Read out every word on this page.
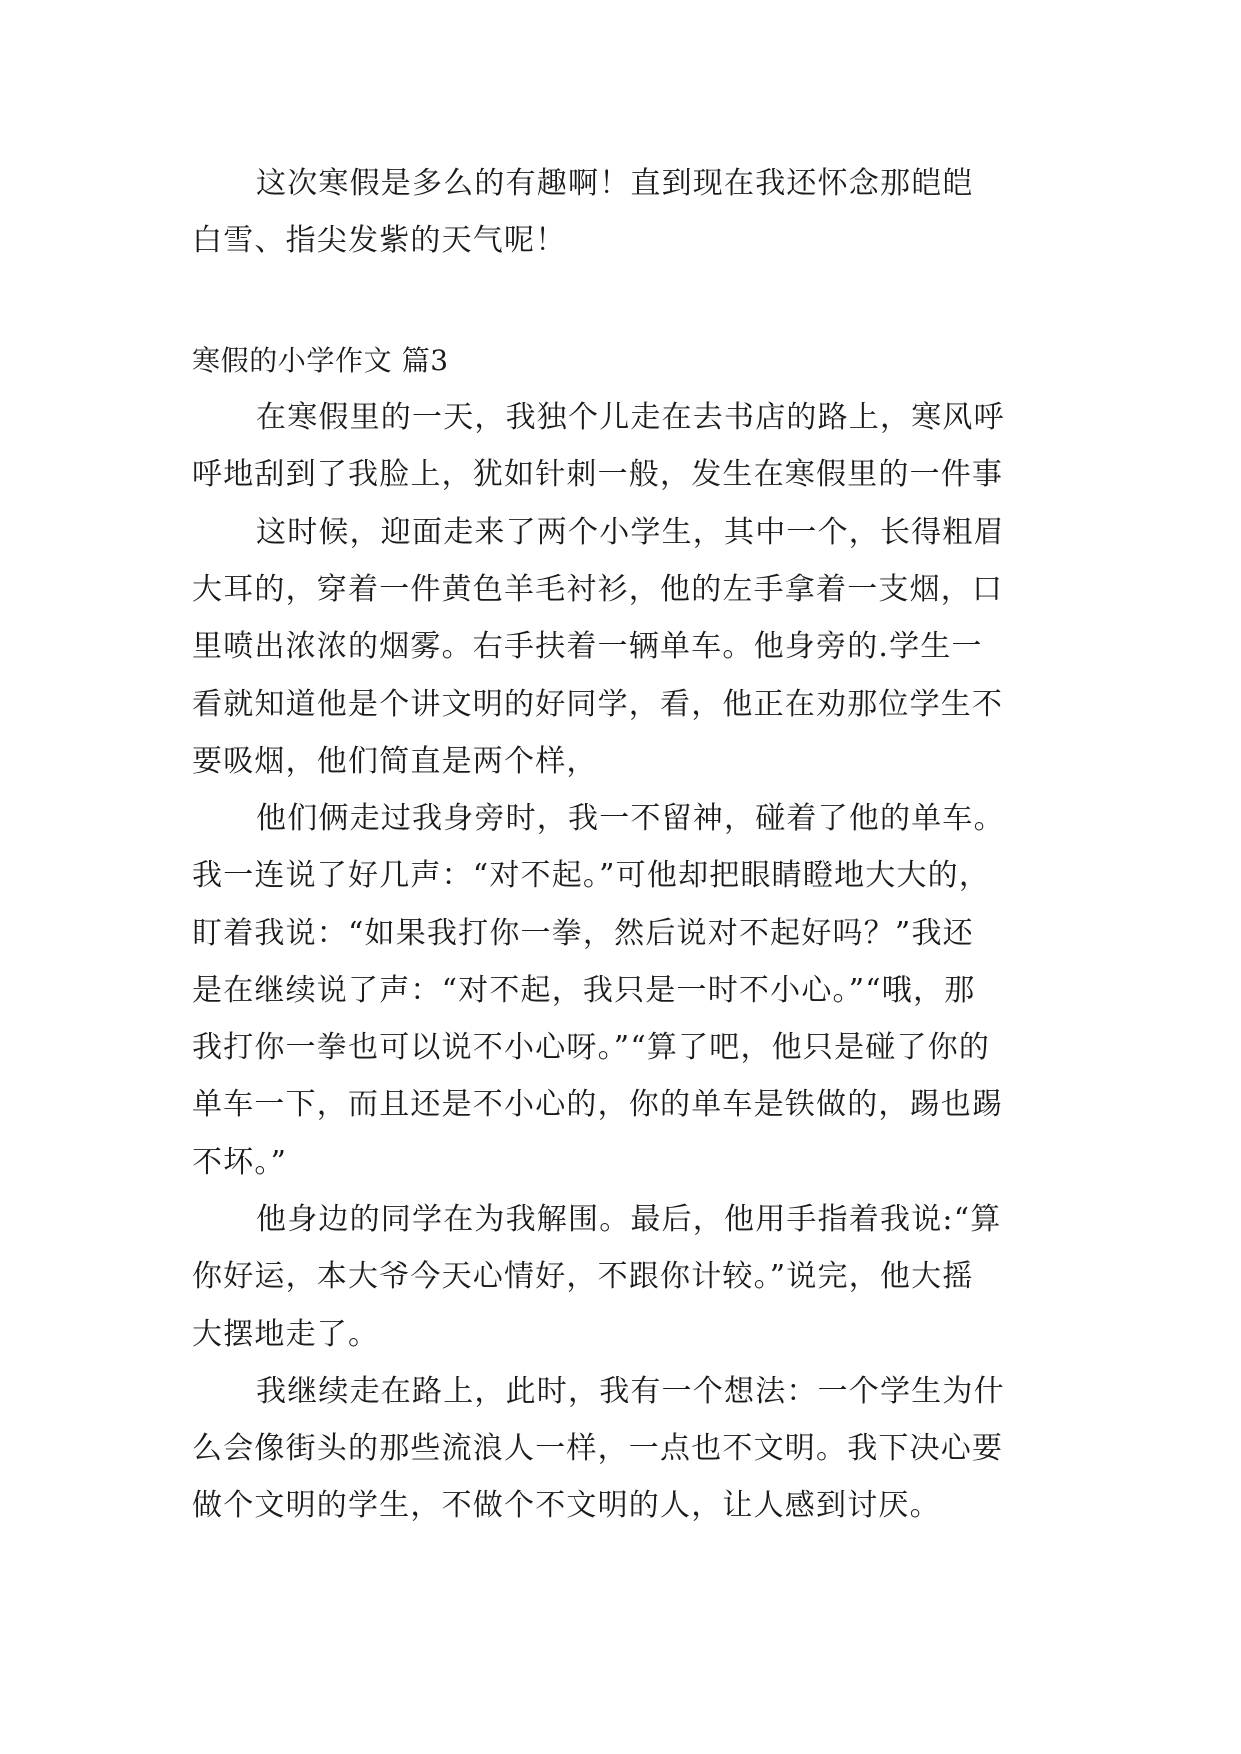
这次寒假是多么的有趣啊！直到现在我还怀念那皑皑
白雪、指尖发紫的天气呢！
寒假的小学作文 篇3
在寒假里的一天，我独个儿走在去书店的路上，寒风呼
呼地刮到了我脸上，犹如针刺一般，发生在寒假里的一件事
这时候，迎面走来了两个小学生，其中一个，长得粗眉
大耳的，穿着一件黄色羊毛衬衫，他的左手拿着一支烟，口
里喷出浓浓的烟雾。右手扶着一辆单车。他身旁的.学生一
看就知道他是个讲文明的好同学，看，他正在劝那位学生不
要吸烟，他们简直是两个样，
他们俩走过我身旁时，我一不留神，碰着了他的单车。
我一连说了好几声：“对不起。”可他却把眼睛瞪地大大的，
盯着我说：“如果我打你一拳，然后说对不起好吗？”我还
是在继续说了声：“对不起，我只是一时不小心。”“哦，那
我打你一拳也可以说不小心呀。”“算了吧，他只是碰了你的
单车一下，而且还是不小心的，你的单车是铁做的，踢也踢
不坏。”
他身边的同学在为我解围。最后，他用手指着我说:“算
你好运，本大爷今天心情好，不跟你计较。”说完，他大摇
大摆地走了。
我继续走在路上，此时，我有一个想法：一个学生为什
么会像街头的那些流浪人一样，一点也不文明。我下决心要
做个文明的学生，不做个不文明的人，让人感到讨厌。
